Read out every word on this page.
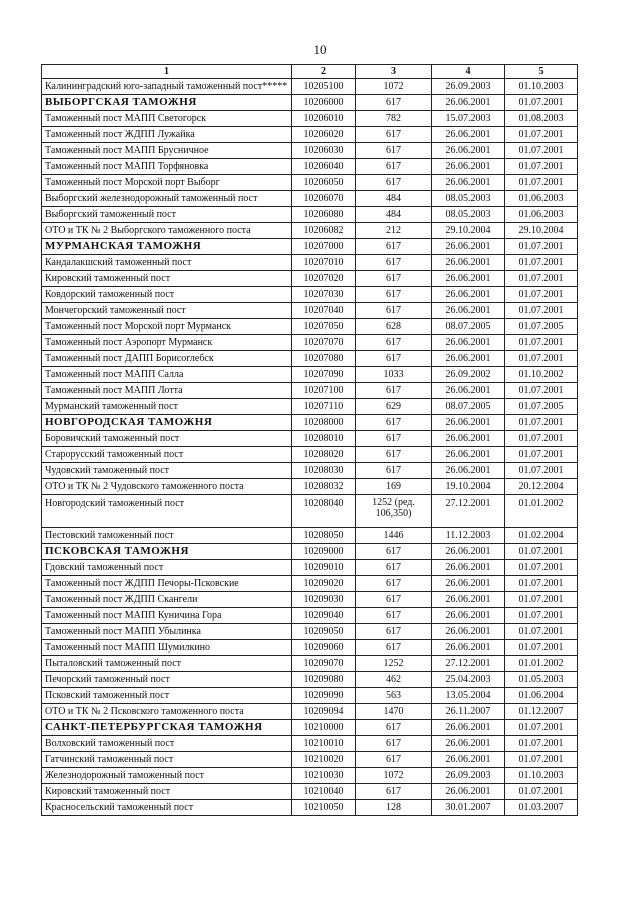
10
1	2	3	4	5
Калининградский юго-западный таможенный пост*****	10205100	1072	26.09.2003	01.10.2003
ВЫБОРГСКАЯ ТАМОЖНЯ	10206000	617	26.06.2001	01.07.2001
Таможенный пост МАПП Светогорск	10206010	782	15.07.2003	01.08.2003
Таможенный пост ЖДПП Лужайка	10206020	617	26.06.2001	01.07.2001
Таможенный пост МАПП Брусничное	10206030	617	26.06.2001	01.07.2001
Таможенный пост МАПП Торфяновка	10206040	617	26.06.2001	01.07.2001
Таможенный пост Морской порт Выборг	10206050	617	26.06.2001	01.07.2001
Выборгский железнодорожный таможенный пост	10206070	484	08.05.2003	01.06.2003
Выборгский таможенный пост	10206080	484	08.05.2003	01.06.2003
ОТО и ТК № 2 Выборгского таможенного поста	10206082	212	29.10.2004	29.10.2004
МУРМАНСКАЯ ТАМОЖНЯ	10207000	617	26.06.2001	01.07.2001
Кандалакшский таможенный пост	10207010	617	26.06.2001	01.07.2001
Кировский таможенный пост	10207020	617	26.06.2001	01.07.2001
Ковдорский таможенный пост	10207030	617	26.06.2001	01.07.2001
Мончегорский таможенный пост	10207040	617	26.06.2001	01.07.2001
Таможенный пост Морской порт Мурманск	10207050	628	08.07.2005	01.07.2005
Таможенный пост Аэропорт Мурманск	10207070	617	26.06.2001	01.07.2001
Таможенный пост ДАПП Борисоглебск	10207080	617	26.06.2001	01.07.2001
Таможенный пост МАПП Салла	10207090	1033	26.09.2002	01.10.2002
Таможенный пост МАПП Лотта	10207100	617	26.06.2001	01.07.2001
Мурманский таможенный пост	10207110	629	08.07.2005	01.07.2005
НОВГОРОДСКАЯ ТАМОЖНЯ	10208000	617	26.06.2001	01.07.2001
Боровичский таможенный пост	10208010	617	26.06.2001	01.07.2001
Старорусский таможенный пост	10208020	617	26.06.2001	01.07.2001
Чудовский таможенный пост	10208030	617	26.06.2001	01.07.2001
ОТО и ТК № 2 Чудовского таможенного поста	10208032	169	19.10.2004	20.12.2004
Новгородский таможенный пост	10208040	1252 (ред. 106,350)	27.12.2001	01.01.2002
Пестовский таможенный пост	10208050	1446	11.12.2003	01.02.2004
ПСКОВСКАЯ ТАМОЖНЯ	10209000	617	26.06.2001	01.07.2001
Гдовский таможенный пост	10209010	617	26.06.2001	01.07.2001
Таможенный пост ЖДПП Печоры-Псковские	10209020	617	26.06.2001	01.07.2001
Таможенный пост ЖДПП Скангели	10209030	617	26.06.2001	01.07.2001
Таможенный пост МАПП Куничина Гора	10209040	617	26.06.2001	01.07.2001
Таможенный пост МАПП Убылинка	10209050	617	26.06.2001	01.07.2001
Таможенный пост МАПП Шумилкино	10209060	617	26.06.2001	01.07.2001
Пыталовский таможенный пост	10209070	1252	27.12.2001	01.01.2002
Печорский таможенный пост	10209080	462	25.04.2003	01.05.2003
Псковский таможенный пост	10209090	563	13.05.2004	01.06.2004
ОТО и ТК № 2 Псковского таможенного поста	10209094	1470	26.11.2007	01.12.2007
САНКТ-ПЕТЕРБУРГСКАЯ ТАМОЖНЯ	10210000	617	26.06.2001	01.07.2001
Волховский таможенный пост	10210010	617	26.06.2001	01.07.2001
Гатчинский таможенный пост	10210020	617	26.06.2001	01.07.2001
Железнодорожный таможенный пост	10210030	1072	26.09.2003	01.10.2003
Кировский таможенный пост	10210040	617	26.06.2001	01.07.2001
Красносельский таможенный пост	10210050	128	30.01.2007	01.03.2007
